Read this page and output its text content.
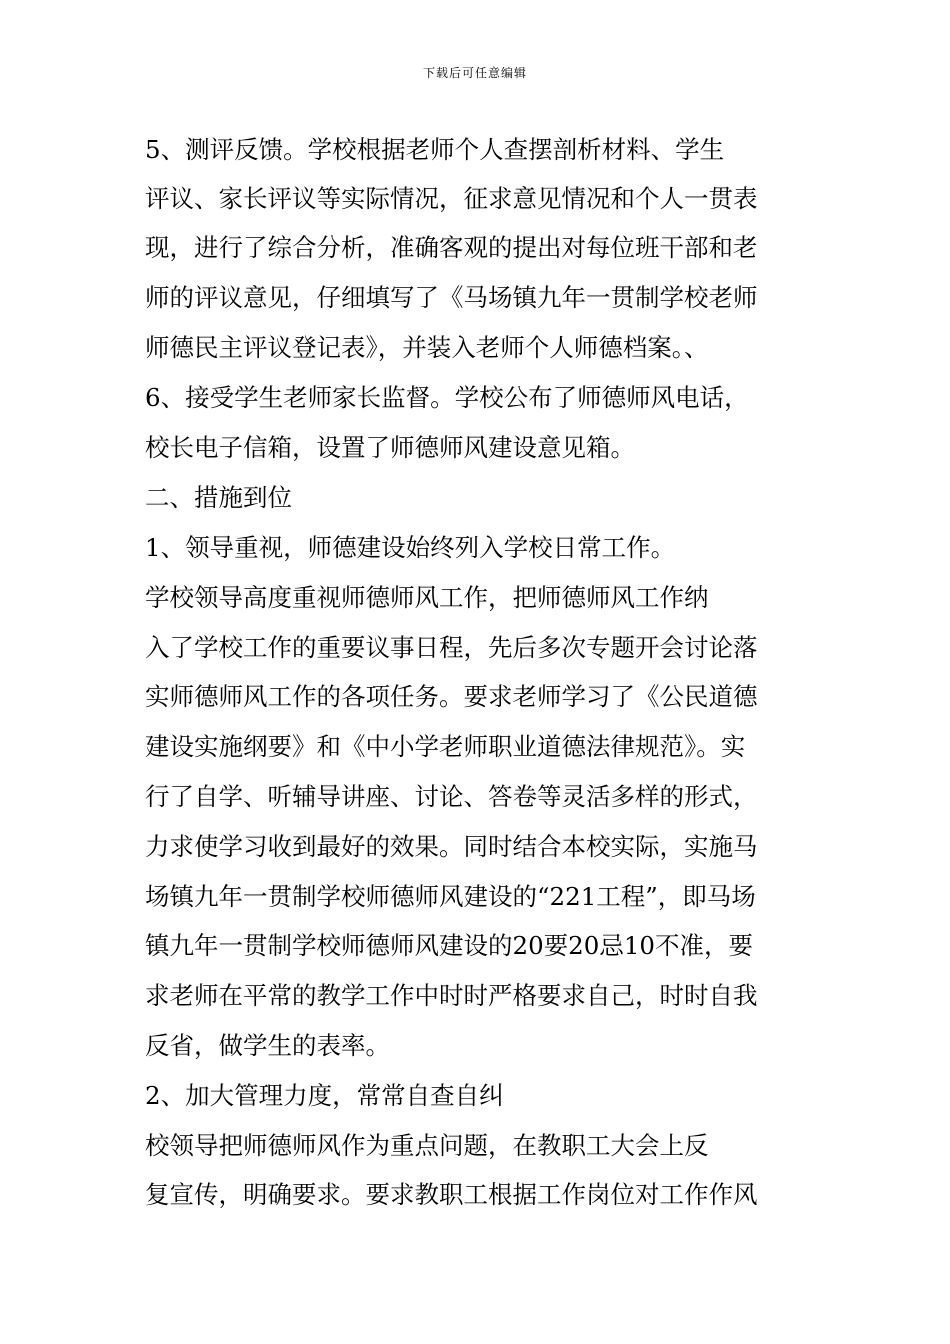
下载后可任意编辑
5、测评反馈。学校根据老师个人查摆剖析材料、学生
评议、家长评议等实际情况，征求意见情况和个人一贯表
现，进行了综合分析，准确客观的提出对每位班干部和老
师的评议意见，仔细填写了《马场镇九年一贯制学校老师
师德民主评议登记表》，并装入老师个人师德档案。、
6、接受学生老师家长监督。学校公布了师德师风电话，
校长电子信箱，设置了师德师风建设意见箱。
二、措施到位
1、领导重视，师德建设始终列入学校日常工作。
学校领导高度重视师德师风工作，把师德师风工作纳
入了学校工作的重要议事日程，先后多次专题开会讨论落
实师德师风工作的各项任务。要求老师学习了《公民道德
建设实施纲要》和《中小学老师职业道德法律规范》。实
行了自学、听辅导讲座、讨论、答卷等灵活多样的形式，
力求使学习收到最好的效果。同时结合本校实际，实施马
场镇九年一贯制学校师德师风建设的“221工程”，即马场
镇九年一贯制学校师德师风建设的20要20忌10不准，要
求老师在平常的教学工作中时时严格要求自己，时时自我
反省，做学生的表率。
2、加大管理力度，常常自查自纠
校领导把师德师风作为重点问题，在教职工大会上反
复宣传，明确要求。要求教职工根据工作岗位对工作作风
